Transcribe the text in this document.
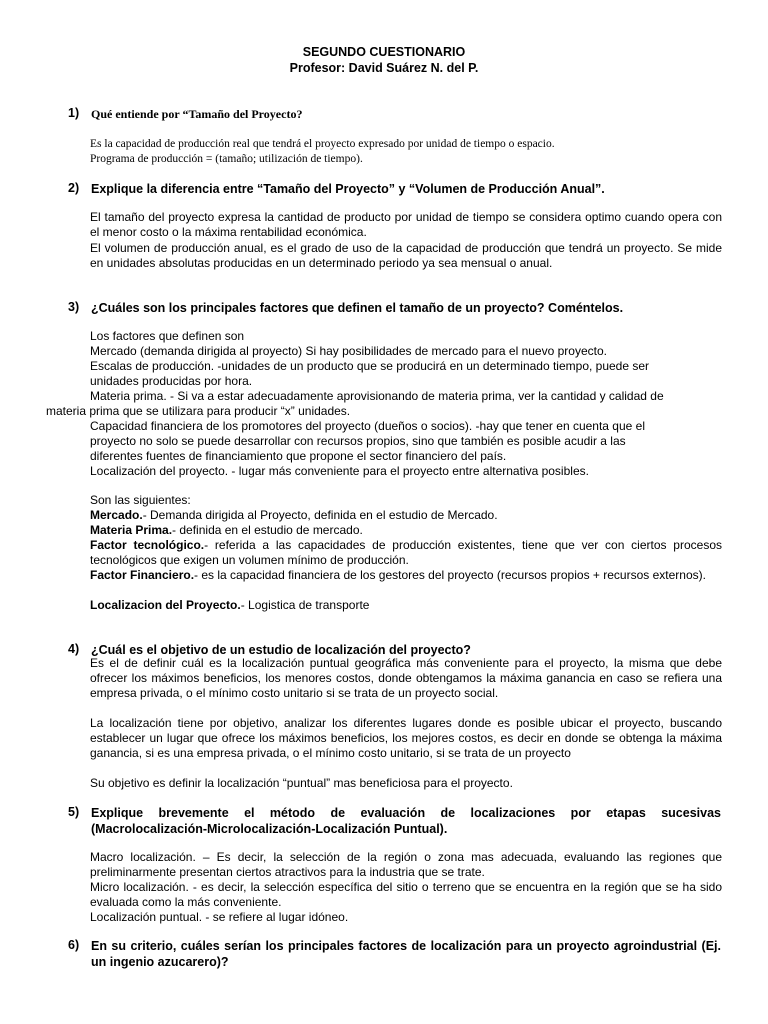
SEGUNDO CUESTIONARIO
Profesor: David Suárez N. del P.
1) Qué entiende por “Tamaño del Proyecto?
Es la capacidad de producción real que tendrá el proyecto expresado por unidad de tiempo o espacio.
Programa de producción = (tamaño; utilización de tiempo).
2) Explique la diferencia entre “Tamaño del Proyecto” y “Volumen de Producción Anual”.
El tamaño del proyecto expresa la cantidad de producto por unidad de tiempo se considera optimo cuando opera con el menor costo o la máxima rentabilidad económica.
El volumen de producción anual, es el grado de uso de la capacidad de producción que tendrá un proyecto. Se mide en unidades absolutas producidas en un determinado periodo ya sea mensual o anual.
3) ¿Cuáles son los principales factores que definen el tamaño de un proyecto? Coméntelos.
Los factores que definen son
Mercado (demanda dirigida al proyecto) Si hay posibilidades de mercado para el nuevo proyecto.
Escalas de producción. -unidades de un producto que se producirá en un determinado tiempo, puede ser
unidades producidas por hora.
Materia prima. - Si va a estar adecuadamente aprovisionando de materia prima, ver la cantidad y calidad de
materia prima que se utilizara para producir “x” unidades.
Capacidad financiera de los promotores del proyecto (dueños o socios). -hay que tener en cuenta que el
proyecto no solo se puede desarrollar con recursos propios, sino que también es posible acudir a las
diferentes fuentes de financiamiento que propone el sector financiero del país.
Localización del proyecto. - lugar más conveniente para el proyecto entre alternativa posibles.
Son las siguientes:
Mercado.- Demanda dirigida al Proyecto, definida en el estudio de Mercado.
Materia Prima.- definida en el estudio de mercado.
Factor tecnológico.- referida a las capacidades de producción existentes, tiene que ver con ciertos procesos tecnológicos que exigen un volumen mínimo de producción.
Factor Financiero.- es la capacidad financiera de los gestores del proyecto (recursos propios + recursos externos).
Localizacion del Proyecto.- Logistica de transporte
4) ¿Cuál es el objetivo de un estudio de localización del proyecto?
Es el de definir cuál es la localización puntual geográfica más conveniente para el proyecto, la misma que debe ofrecer los máximos beneficios, los menores costos, donde obtengamos la máxima ganancia en caso se refiera una empresa privada, o el mínimo costo unitario si se trata de un proyecto social.
La localización tiene por objetivo, analizar los diferentes lugares donde es posible ubicar el proyecto, buscando establecer un lugar que ofrece los máximos beneficios, los mejores costos, es decir en donde se obtenga la máxima ganancia, si es una empresa privada, o el mínimo costo unitario, si se trata de un proyecto
Su objetivo es definir la localización “puntual” mas beneficiosa para el proyecto.
5) Explique brevemente el método de evaluación de localizaciones por etapas sucesivas (Macrolocalización-Microlocalización-Localización Puntual).
Macro localización. – Es decir, la selección de la región o zona mas adecuada, evaluando las regiones que preliminarmente presentan ciertos atractivos para la industria que se trate.
Micro localización. - es decir, la selección específica del sitio o terreno que se encuentra en la región que se ha sido evaluada como la más conveniente.
Localización puntual. - se refiere al lugar idóneo.
6) En su criterio, cuáles serían los principales factores de localización para un proyecto agroindustrial (Ej. un ingenio azucarero)?
